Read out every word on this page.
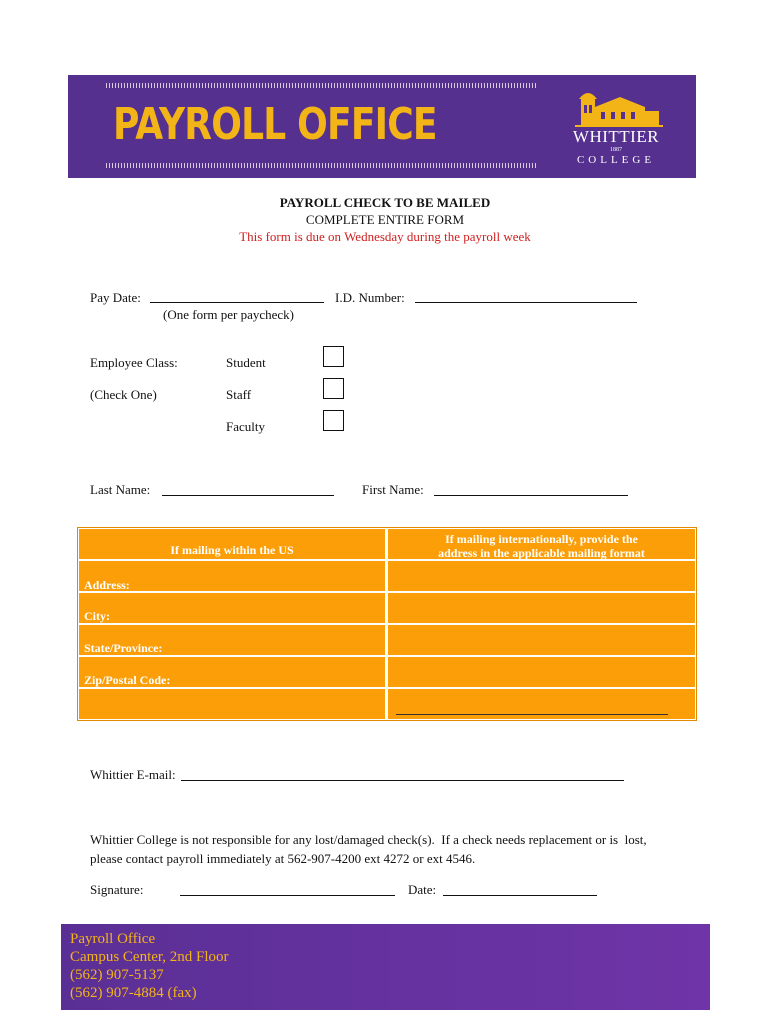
PAYROLL OFFICE	WHITTIER
1887
COLLEGE
PAYROLL CHECK TO BE MAILED
COMPLETE ENTIRE FORM
This form is due on Wednesday during the payroll week
Pay Date:
(One form per paycheck)
I.D. Number:
Employee Class:
(Check One)
Student
Staff
Faculty
Last Name:	First Name:
If mailing within the US
If mailing internationally, provide the
address in the applicable mailing format
Address:
City:
State/Province:
Zip/Postal Code:
Whittier E-mail:
Whittier College is not responsible for any lost/damaged check(s).  If a check needs replacement or is  lost,
please contact payroll immediately at 562-907-4200 ext 4272 or ext 4546.
Signature:	Date:
Payroll Office
Campus Center, 2nd Floor
(562) 907-5137
(562) 907-4884 (fax)
